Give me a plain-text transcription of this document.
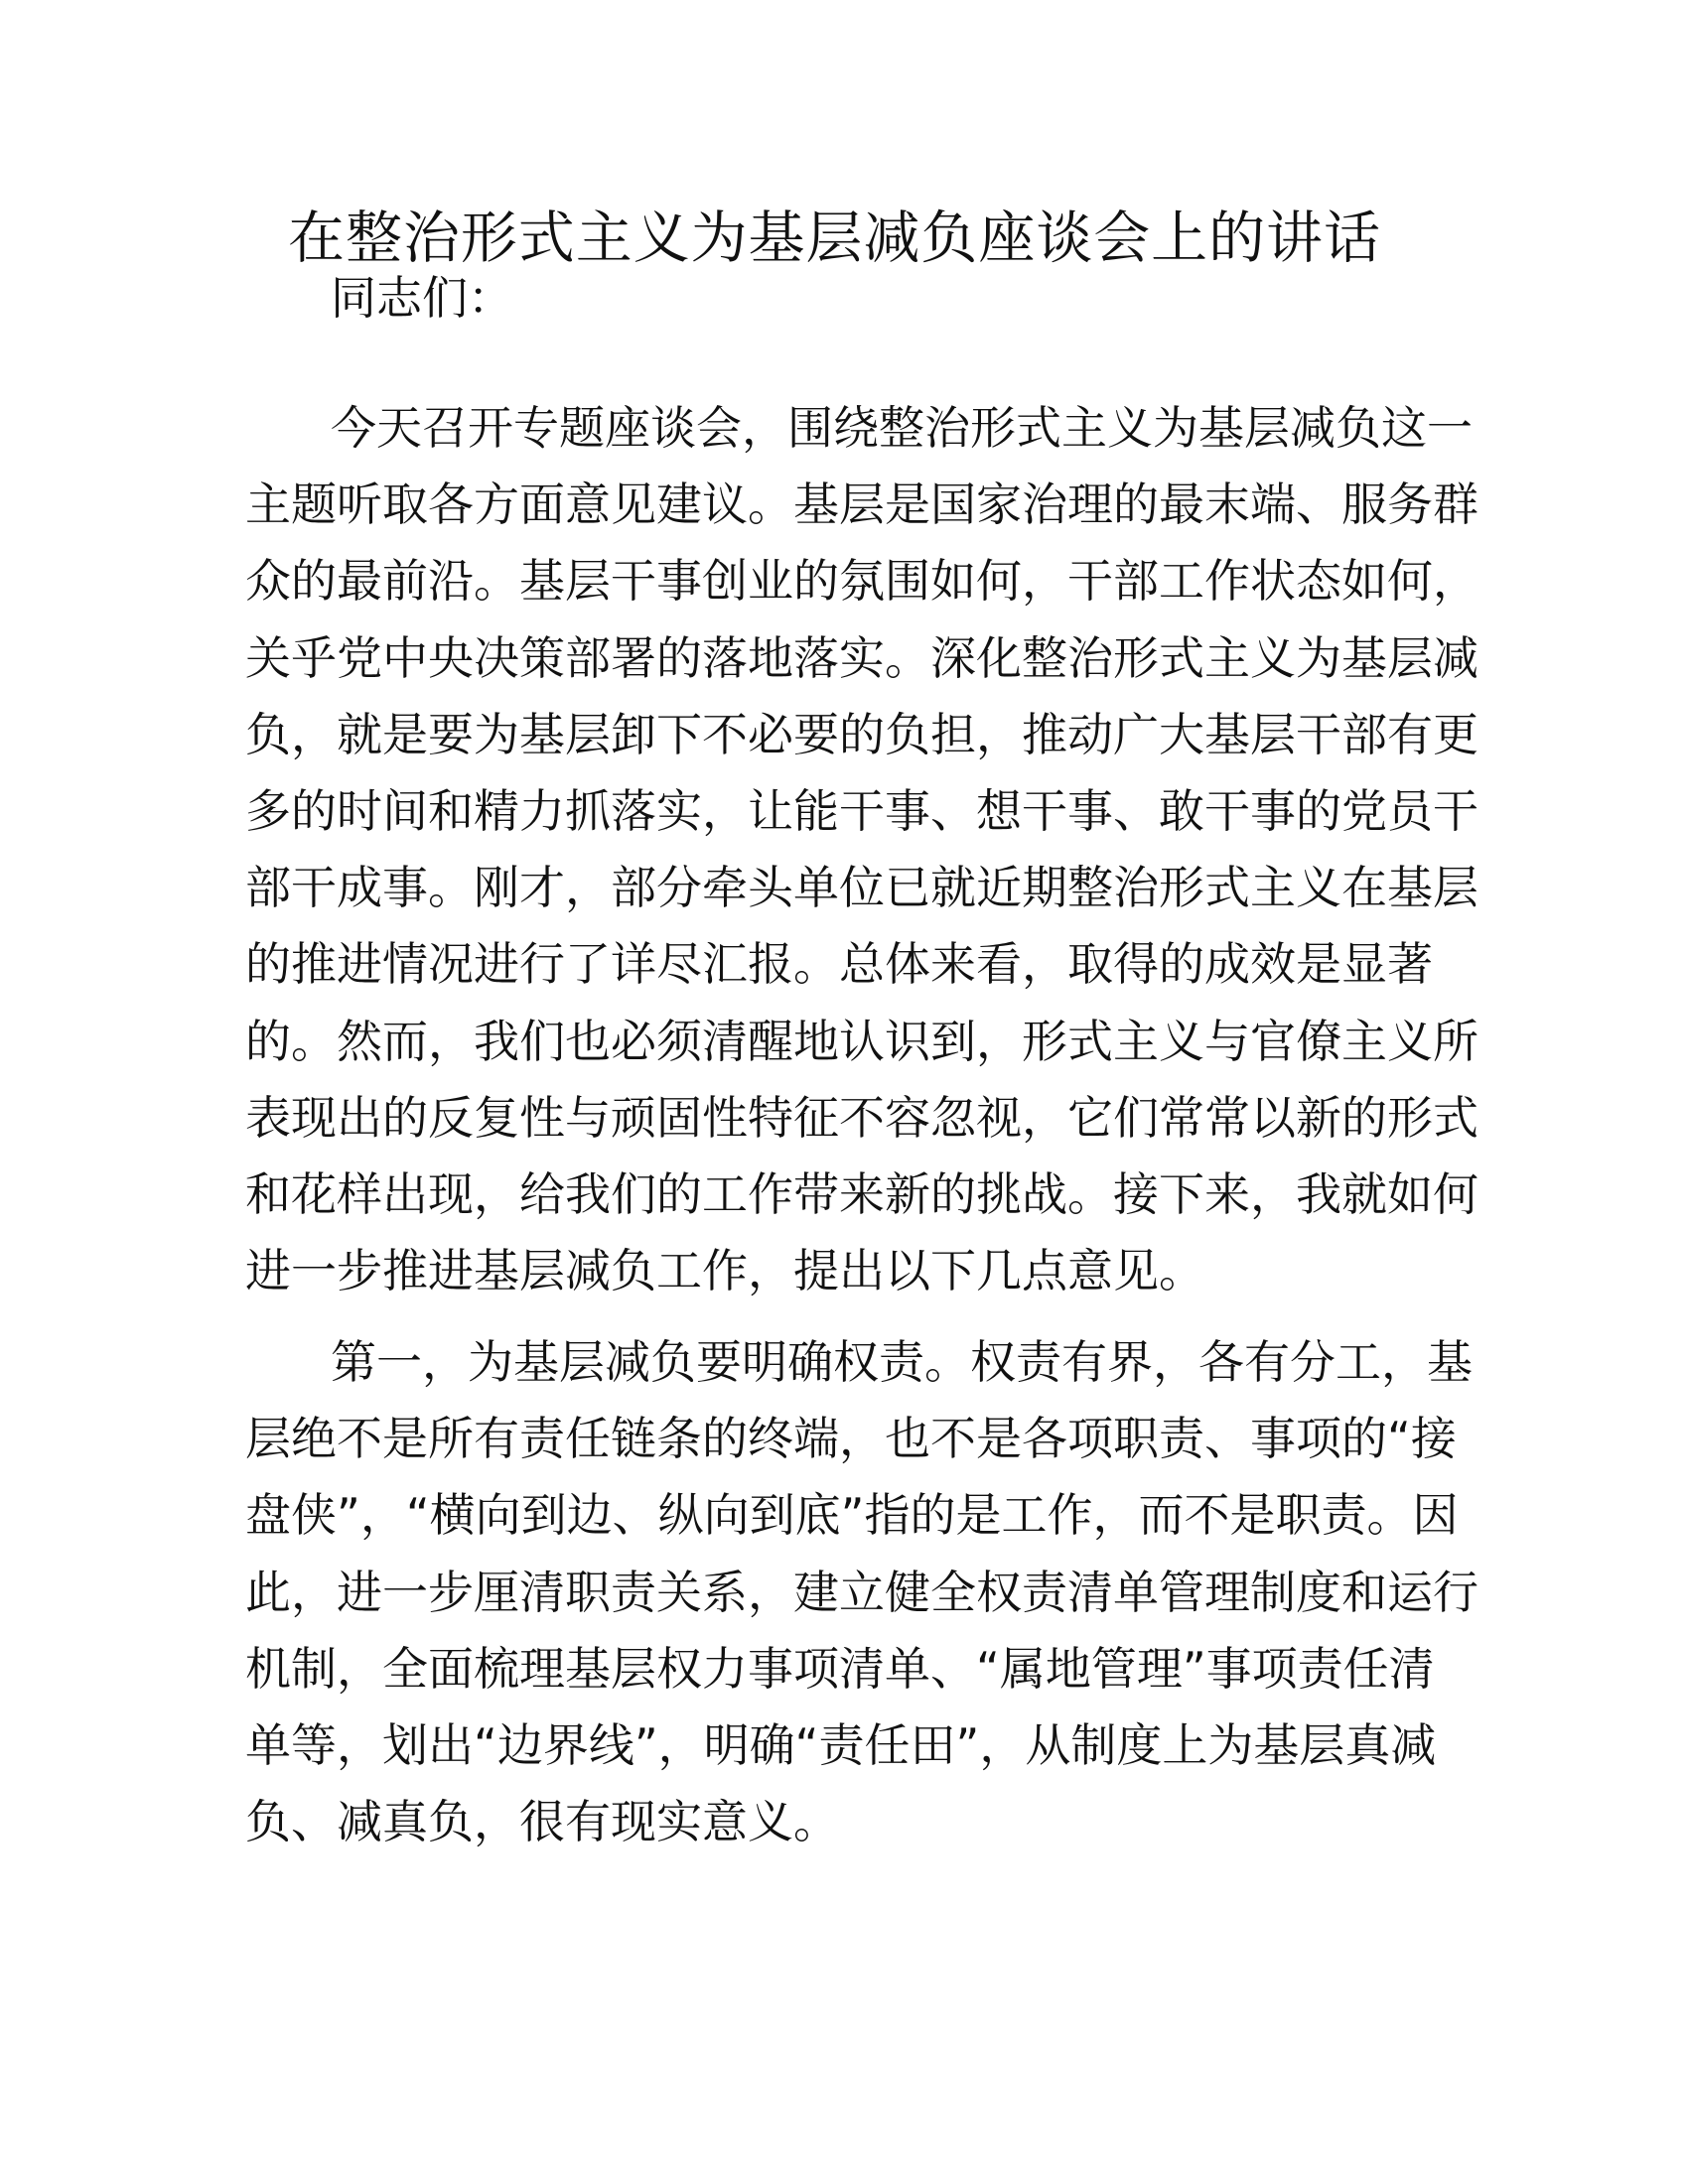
在整治形式主义为基层减负座谈会上的讲话
同志们：
今天召开专题座谈会，围绕整治形式主义为基层减负这一
主题听取各方面意见建议。基层是国家治理的最末端、服务群
众的最前沿。基层干事创业的氛围如何，干部工作状态如何，
关乎党中央决策部署的落地落实。深化整治形式主义为基层减
负，就是要为基层卸下不必要的负担，推动广大基层干部有更
多的时间和精力抓落实，让能干事、想干事、敢干事的党员干
部干成事。刚才，部分牵头单位已就近期整治形式主义在基层
的推进情况进行了详尽汇报。总体来看，取得的成效是显著
的。然而，我们也必须清醒地认识到，形式主义与官僚主义所
表现出的反复性与顽固性特征不容忽视，它们常常以新的形式
和花样出现，给我们的工作带来新的挑战。接下来，我就如何
进一步推进基层减负工作，提出以下几点意见。
第一，为基层减负要明确权责。权责有界，各有分工，基
层绝不是所有责任链条的终端，也不是各项职责、事项的“接
盘侠”，“横向到边、纵向到底”指的是工作，而不是职责。因
此，进一步厘清职责关系，建立健全权责清单管理制度和运行
机制，全面梳理基层权力事项清单、“属地管理”事项责任清
单等，划出“边界线”，明确“责任田”，从制度上为基层真减
负、减真负，很有现实意义。
